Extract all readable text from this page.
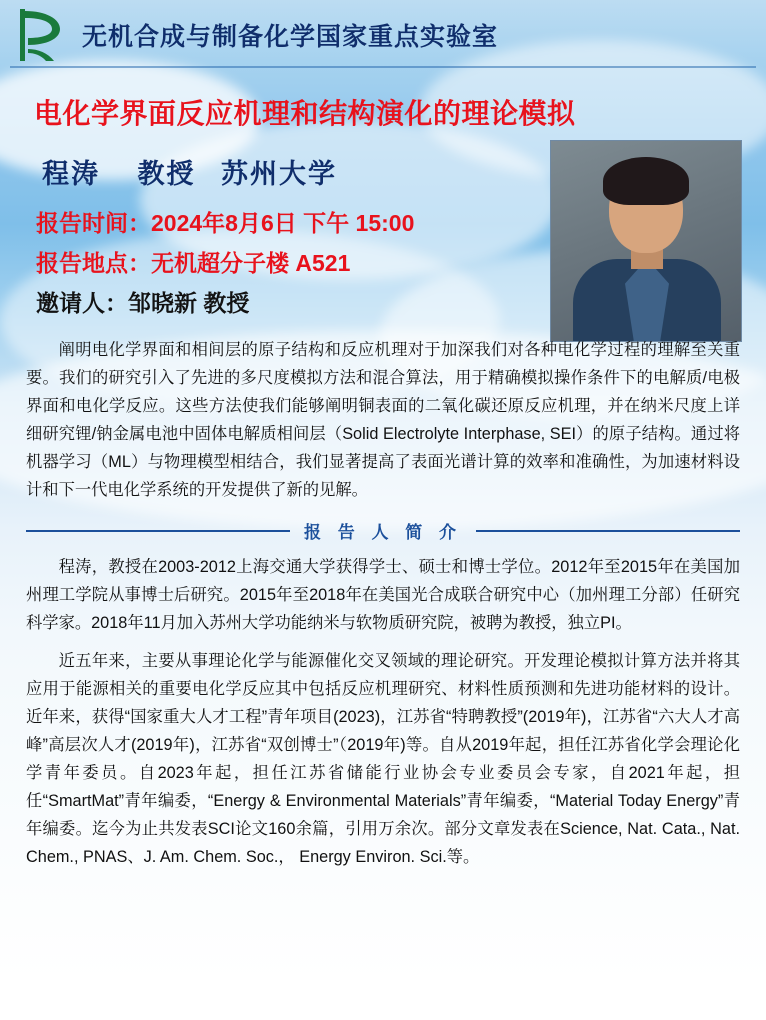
无机合成与制备化学国家重点实验室
电化学界面反应机理和结构演化的理论模拟
程涛 教授 苏州大学
报告时间：2024年8月6日 下午 15:00
报告地点：无机超分子楼 A521
邀请人：邹晓新 教授
阐明电化学界面和相间层的原子结构和反应机理对于加深我们对各种电化学过程的理解至关重要。我们的研究引入了先进的多尺度模拟方法和混合算法，用于精确模拟操作条件下的电解质/电极界面和电化学反应。这些方法使我们能够阐明铜表面的二氧化碳还原反应机理，并在纳米尺度上详细研究锂/钠金属电池中固体电解质相间层（Solid Electrolyte Interphase, SEI）的原子结构。通过将机器学习（ML）与物理模型相结合，我们显著提高了表面光谱计算的效率和准确性，为加速材料设计和下一代电化学系统的开发提供了新的见解。
报 告 人 简 介
程涛，教授在2003-2012上海交通大学获得学士、硕士和博士学位。2012年至2015年在美国加州理工学院从事博士后研究。2015年至2018年在美国光合成联合研究中心（加州理工分部）任研究科学家。2018年11月加入苏州大学功能纳米与软物质研究院，被聘为教授，独立PI。
近五年来，主要从事理论化学与能源催化交叉领域的理论研究。开发理论模拟计算方法并将其应用于能源相关的重要电化学反应其中包括反应机理研究、材料性质预测和先进功能材料的设计。近年来，获得“国家重大人才工程”青年项目(2023)，江苏省“特聘教授”(2019年)，江苏省“六大人才高峰”高层次人才(2019年)，江苏省“双创博士”（2019年)等。自从2019年起，担任江苏省化学会理论化学青年委员。自2023年起，担任江苏省储能行业协会专业委员会专家，自2021年起，担任“SmartMat”青年编委，“Energy & Environmental Materials”青年编委，“Material Today Energy”青年编委。迄今为止共发表SCI论文160余篇，引用万余次。部分文章发表在Science, Nat. Cata., Nat. Chem., PNAS、J. Am. Chem. Soc.， Energy Environ. Sci.等。
